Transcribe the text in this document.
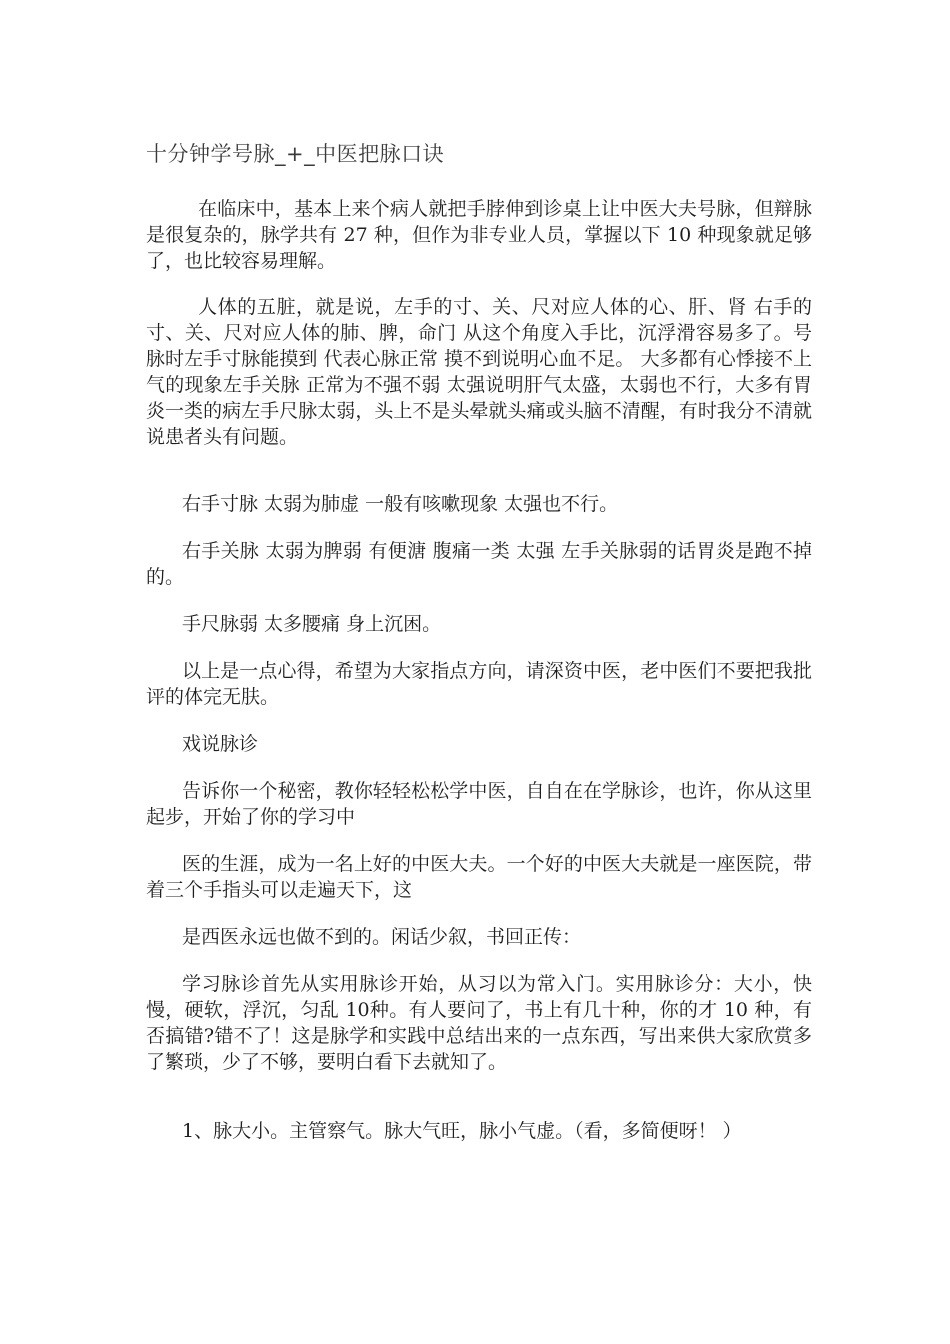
十分钟学号脉_+_中医把脉口诀
在临床中，基本上来个病人就把手脖伸到诊桌上让中医大夫号脉，但辩脉是很复杂的，脉学共有 27 种，但作为非专业人员，掌握以下 10 种现象就足够了，也比较容易理解。
人体的五脏，就是说，左手的寸、关、尺对应人体的心、肝、肾 右手的寸、关、尺对应人体的肺、脾，命门 从这个角度入手比，沉浮滑容易多了。号脉时左手寸脉能摸到 代表心脉正常 摸不到说明心血不足。 大多都有心悸接不上气的现象左手关脉 正常为不强不弱 太强说明肝气太盛，太弱也不行，大多有胃炎一类的病左手尺脉太弱，头上不是头晕就头痛或头脑不清醒，有时我分不清就说患者头有问题。
右手寸脉 太弱为肺虚 一般有咳嗽现象 太强也不行。
右手关脉 太弱为脾弱 有便溏 腹痛一类 太强 左手关脉弱的话胃炎是跑不掉的。
手尺脉弱 太多腰痛 身上沉困。
以上是一点心得，希望为大家指点方向，请深资中医，老中医们不要把我批评的体完无肤。
戏说脉诊
告诉你一个秘密，教你轻轻松松学中医，自自在在学脉诊，也许，你从这里起步，开始了你的学习中
医的生涯，成为一名上好的中医大夫。一个好的中医大夫就是一座医院，带着三个手指头可以走遍天下，这
是西医永远也做不到的。闲话少叙，书回正传：
学习脉诊首先从实用脉诊开始，从习以为常入门。实用脉诊分：大小，快慢，硬软，浮沉，匀乱 10种。有人要问了，书上有几十种，你的才 10 种，有否搞错?错不了！这是脉学和实践中总结出来的一点东西，写出来供大家欣赏多了繁琐，少了不够，要明白看下去就知了。
1、脉大小。主管察气。脉大气旺，脉小气虚。（看，多简便呀！ ）
